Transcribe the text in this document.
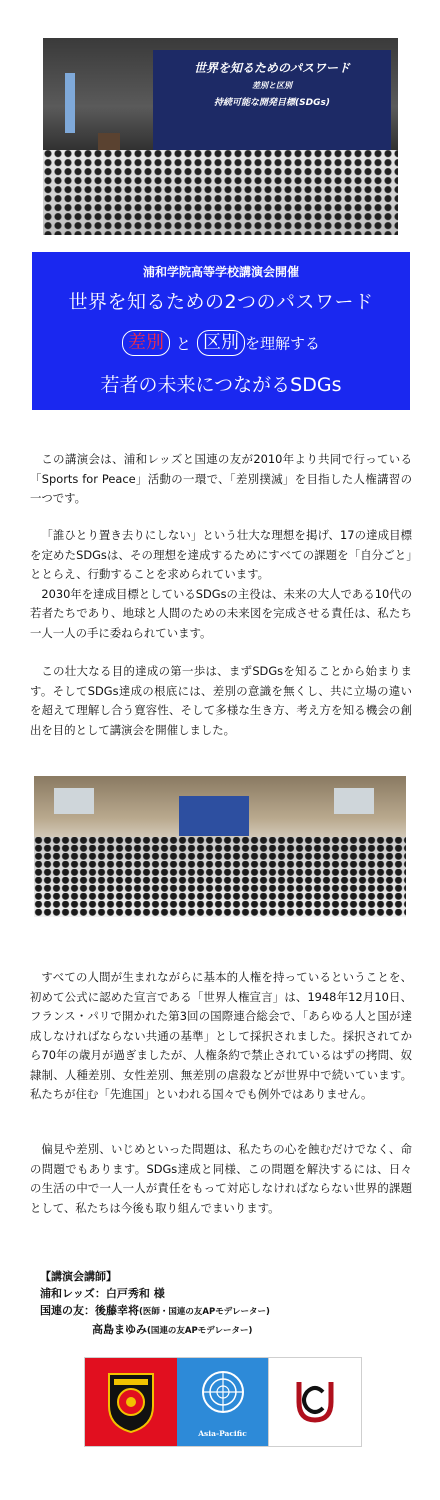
世界を知るためのパスワード
差別と区別
持続可能な開発目標(SDGs)
浦和学院高等学校講演会開催
世界を知るための2つのパスワード
差別 と 区別 を理解する
若者の未来につながるSDGs

この講演会は、浦和レッズと国連の友が2010年より共同で行っている「Sports for Peace」活動の一環で、「差別撲滅」を目指した人権講習の一つです。

「誰ひとり置き去りにしない」という壮大な理想を掲げ、17の達成目標を定めたSDGsは、その理想を達成するためにすべての課題を「自分ごと」ととらえ、行動することを求められています。
2030年を達成目標としているSDGsの主役は、未来の大人である10代の若者たちであり、地球と人間のための未来図を完成させる責任は、私たち一人一人の手に委ねられています。

この壮大なる目的達成の第一歩は、まずSDGsを知ることから始まります。そしてSDGs達成の根底には、差別の意識を無くし、共に立場の違いを超えて理解し合う寛容性、そして多様な生き方、考え方を知る機会の創出を目的として講演会を開催しました。

すべての人間が生まれながらに基本的人権を持っているということを、初めて公式に認めた宣言である「世界人権宣言」は、1948年12月10日、フランス・パリで開かれた第3回の国際連合総会で、「あらゆる人と国が達成しなければならない共通の基準」として採択されました。採択されてから70年の歳月が過ぎましたが、人権条約で禁止されているはずの拷問、奴隷制、人種差別、女性差別、無差別の虐殺などが世界中で続いています。私たちが住む「先進国」といわれる国々でも例外ではありません。

偏見や差別、いじめといった問題は、私たちの心を蝕むだけでなく、命の問題でもあります。SDGs達成と同様、この問題を解決するには、日々の生活の中で一人一人が責任をもって対応しなければならない世界的課題として、私たちは今後も取り組んでまいります。

【講演会講師】
浦和レッズ：白戸秀和 様
国連の友：後藤幸将(医師・国連の友APモデレーター)
高島まゆみ(国連の友APモデレーター)
Asia-Pacific
